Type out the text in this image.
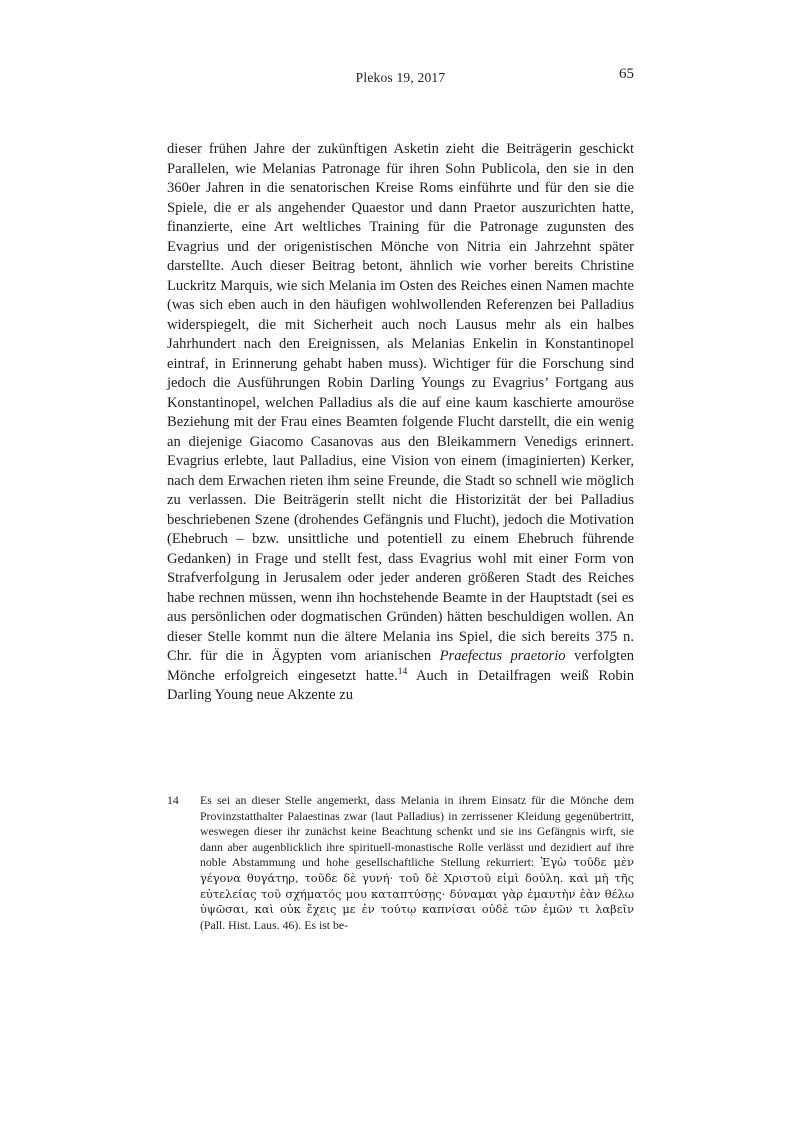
Plekos 19, 2017	65

dieser frühen Jahre der zukünftigen Asketin zieht die Beiträgerin geschickt Parallelen, wie Melanias Patronage für ihren Sohn Publicola, den sie in den 360er Jahren in die senatorischen Kreise Roms einführte und für den sie die Spiele, die er als angehender Quaestor und dann Praetor auszurichten hatte, finanzierte, eine Art weltliches Training für die Patronage zugunsten des Evagrius und der origenistischen Mönche von Nitria ein Jahrzehnt später darstellte. Auch dieser Beitrag betont, ähnlich wie vorher bereits Christine Luckritz Marquis, wie sich Melania im Osten des Reiches einen Namen machte (was sich eben auch in den häufigen wohlwollenden Referenzen bei Palladius widerspiegelt, die mit Sicherheit auch noch Lausus mehr als ein halbes Jahrhundert nach den Ereignissen, als Melanias Enkelin in Konstantinopel eintraf, in Erinnerung gehabt haben muss). Wichtiger für die Forschung sind jedoch die Ausführungen Robin Darling Youngs zu Evagrius’ Fortgang aus Konstantinopel, welchen Palladius als die auf eine kaum kaschierte amouröse Beziehung mit der Frau eines Beamten folgende Flucht darstellt, die ein wenig an diejenige Giacomo Casanovas aus den Bleikammern Venedigs erinnert. Evagrius erlebte, laut Palladius, eine Vision von einem (imaginierten) Kerker, nach dem Erwachen rieten ihm seine Freunde, die Stadt so schnell wie möglich zu verlassen. Die Beiträgerin stellt nicht die Historizität der bei Palladius beschriebenen Szene (drohendes Gefängnis und Flucht), jedoch die Motivation (Ehebruch – bzw. unsittliche und potentiell zu einem Ehebruch führende Gedanken) in Frage und stellt fest, dass Evagrius wohl mit einer Form von Strafverfolgung in Jerusalem oder jeder anderen größeren Stadt des Reiches habe rechnen müssen, wenn ihn hochstehende Beamte in der Hauptstadt (sei es aus persönlichen oder dogmatischen Gründen) hätten beschuldigen wollen. An dieser Stelle kommt nun die ältere Melania ins Spiel, die sich bereits 375 n. Chr. für die in Ägypten vom arianischen Praefectus praetorio verfolgten Mönche erfolgreich eingesetzt hatte.$^{14}$ Auch in Detailfragen weiß Robin Darling Young neue Akzente zu

14 Es sei an dieser Stelle angemerkt, dass Melania in ihrem Einsatz für die Mönche dem Provinzstatthalter Palaestinas zwar (laut Palladius) in zerrissener Kleidung gegenübertritt, weswegen dieser ihr zunächst keine Beachtung schenkt und sie ins Gefängnis wirft, sie dann aber augenblicklich ihre spirituell-monastische Rolle verlässt und dezidiert auf ihre noble Abstammung und hohe gesellschaftliche Stellung rekurriert: Ἐγὼ τοῦδε μὲν γέγονα θυγάτηρ, τοῦδε δὲ γυνή· τοῦ δὲ Χριστοῦ εἰμὶ δούλη. καὶ μὴ τῆς εὐτελείας τοῦ σχήματός μου καταπτύσῃς· δύναμαι γὰρ ἐμαυτὴν ἐὰν θέλω ὑψῶσαι, καὶ οὐκ ἔχεις με ἐν τούτῳ καπνίσαι οὐδὲ τῶν ἐμῶν τι λαβεῖν (Pall. Hist. Laus. 46). Es ist be-
